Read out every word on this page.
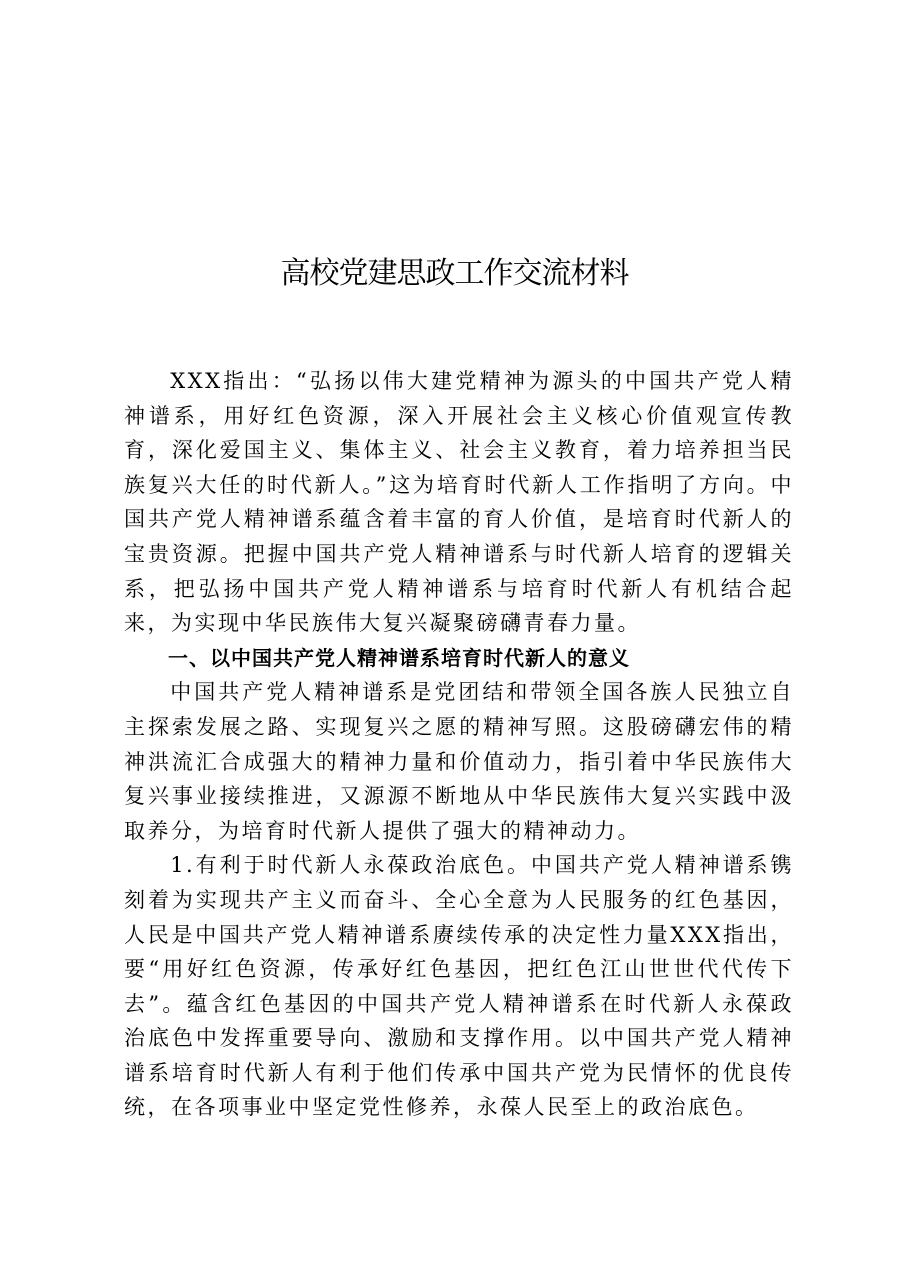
高校党建思政工作交流材料

XXX指出：“弘扬以伟大建党精神为源头的中国共产党人精神谱系，用好红色资源，深入开展社会主义核心价值观宣传教育，深化爱国主义、集体主义、社会主义教育，着力培养担当民族复兴大任的时代新人。”这为培育时代新人工作指明了方向。中国共产党人精神谱系蕴含着丰富的育人价值，是培育时代新人的宝贵资源。把握中国共产党人精神谱系与时代新人培育的逻辑关系，把弘扬中国共产党人精神谱系与培育时代新人有机结合起来，为实现中华民族伟大复兴凝聚磅礴青春力量。

一、以中国共产党人精神谱系培育时代新人的意义

中国共产党人精神谱系是党团结和带领全国各族人民独立自主探索发展之路、实现复兴之愿的精神写照。这股磅礴宏伟的精神洪流汇合成强大的精神力量和价值动力，指引着中华民族伟大复兴事业接续推进，又源源不断地从中华民族伟大复兴实践中汲取养分，为培育时代新人提供了强大的精神动力。

1.有利于时代新人永葆政治底色。中国共产党人精神谱系镌刻着为实现共产主义而奋斗、全心全意为人民服务的红色基因，人民是中国共产党人精神谱系赓续传承的决定性力量XXX指出，要“用好红色资源，传承好红色基因，把红色江山世世代代传下去”。蕴含红色基因的中国共产党人精神谱系在时代新人永葆政治底色中发挥重要导向、激励和支撑作用。以中国共产党人精神谱系培育时代新人有利于他们传承中国共产党为民情怀的优良传统，在各项事业中坚定党性修养，永葆人民至上的政治底色。
